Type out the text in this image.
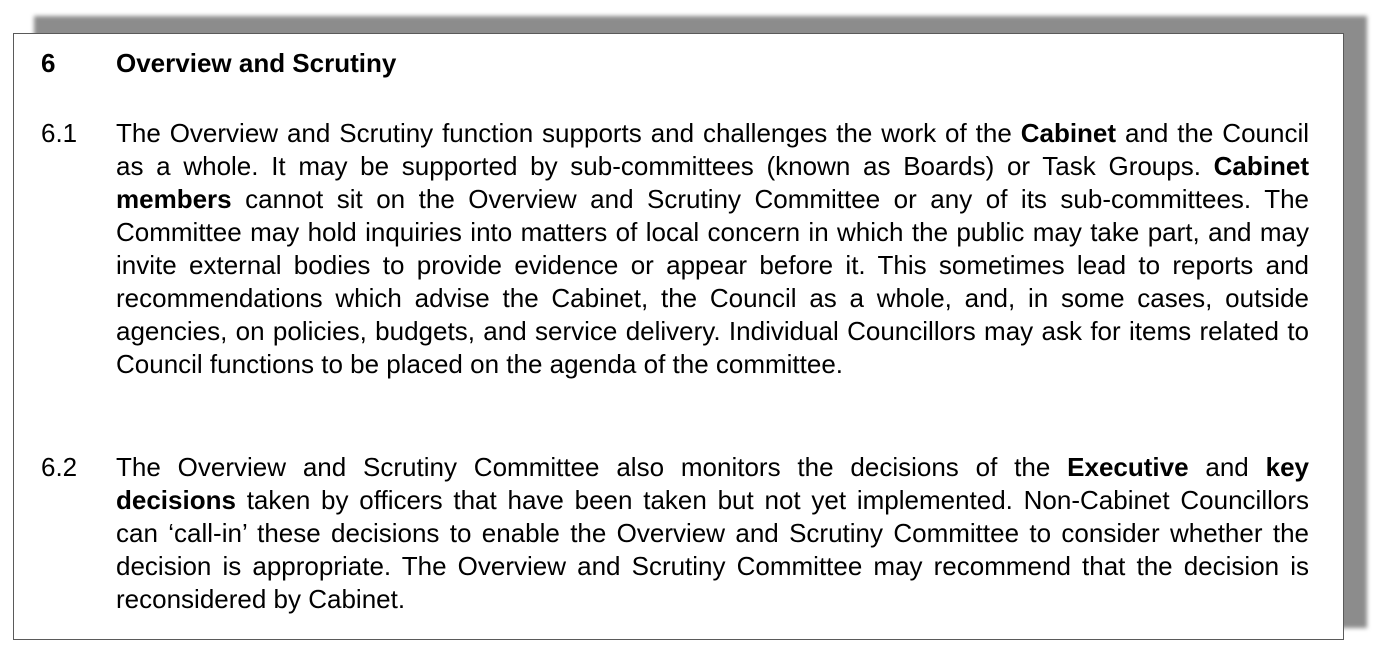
6 Overview and Scrutiny
6.1 The Overview and Scrutiny function supports and challenges the work of the Cabinet and the Council as a whole. It may be supported by sub-committees (known as Boards) or Task Groups. Cabinet members cannot sit on the Overview and Scrutiny Committee or any of its sub-committees. The Committee may hold inquiries into matters of local concern in which the public may take part, and may invite external bodies to provide evidence or appear before it. This sometimes lead to reports and recommendations which advise the Cabinet, the Council as a whole, and, in some cases, outside agencies, on policies, budgets, and service delivery. Individual Councillors may ask for items related to Council functions to be placed on the agenda of the committee.
6.2 The Overview and Scrutiny Committee also monitors the decisions of the Executive and key decisions taken by officers that have been taken but not yet implemented. Non-Cabinet Councillors can ‘call-in’ these decisions to enable the Overview and Scrutiny Committee to consider whether the decision is appropriate. The Overview and Scrutiny Committee may recommend that the decision is reconsidered by Cabinet.
